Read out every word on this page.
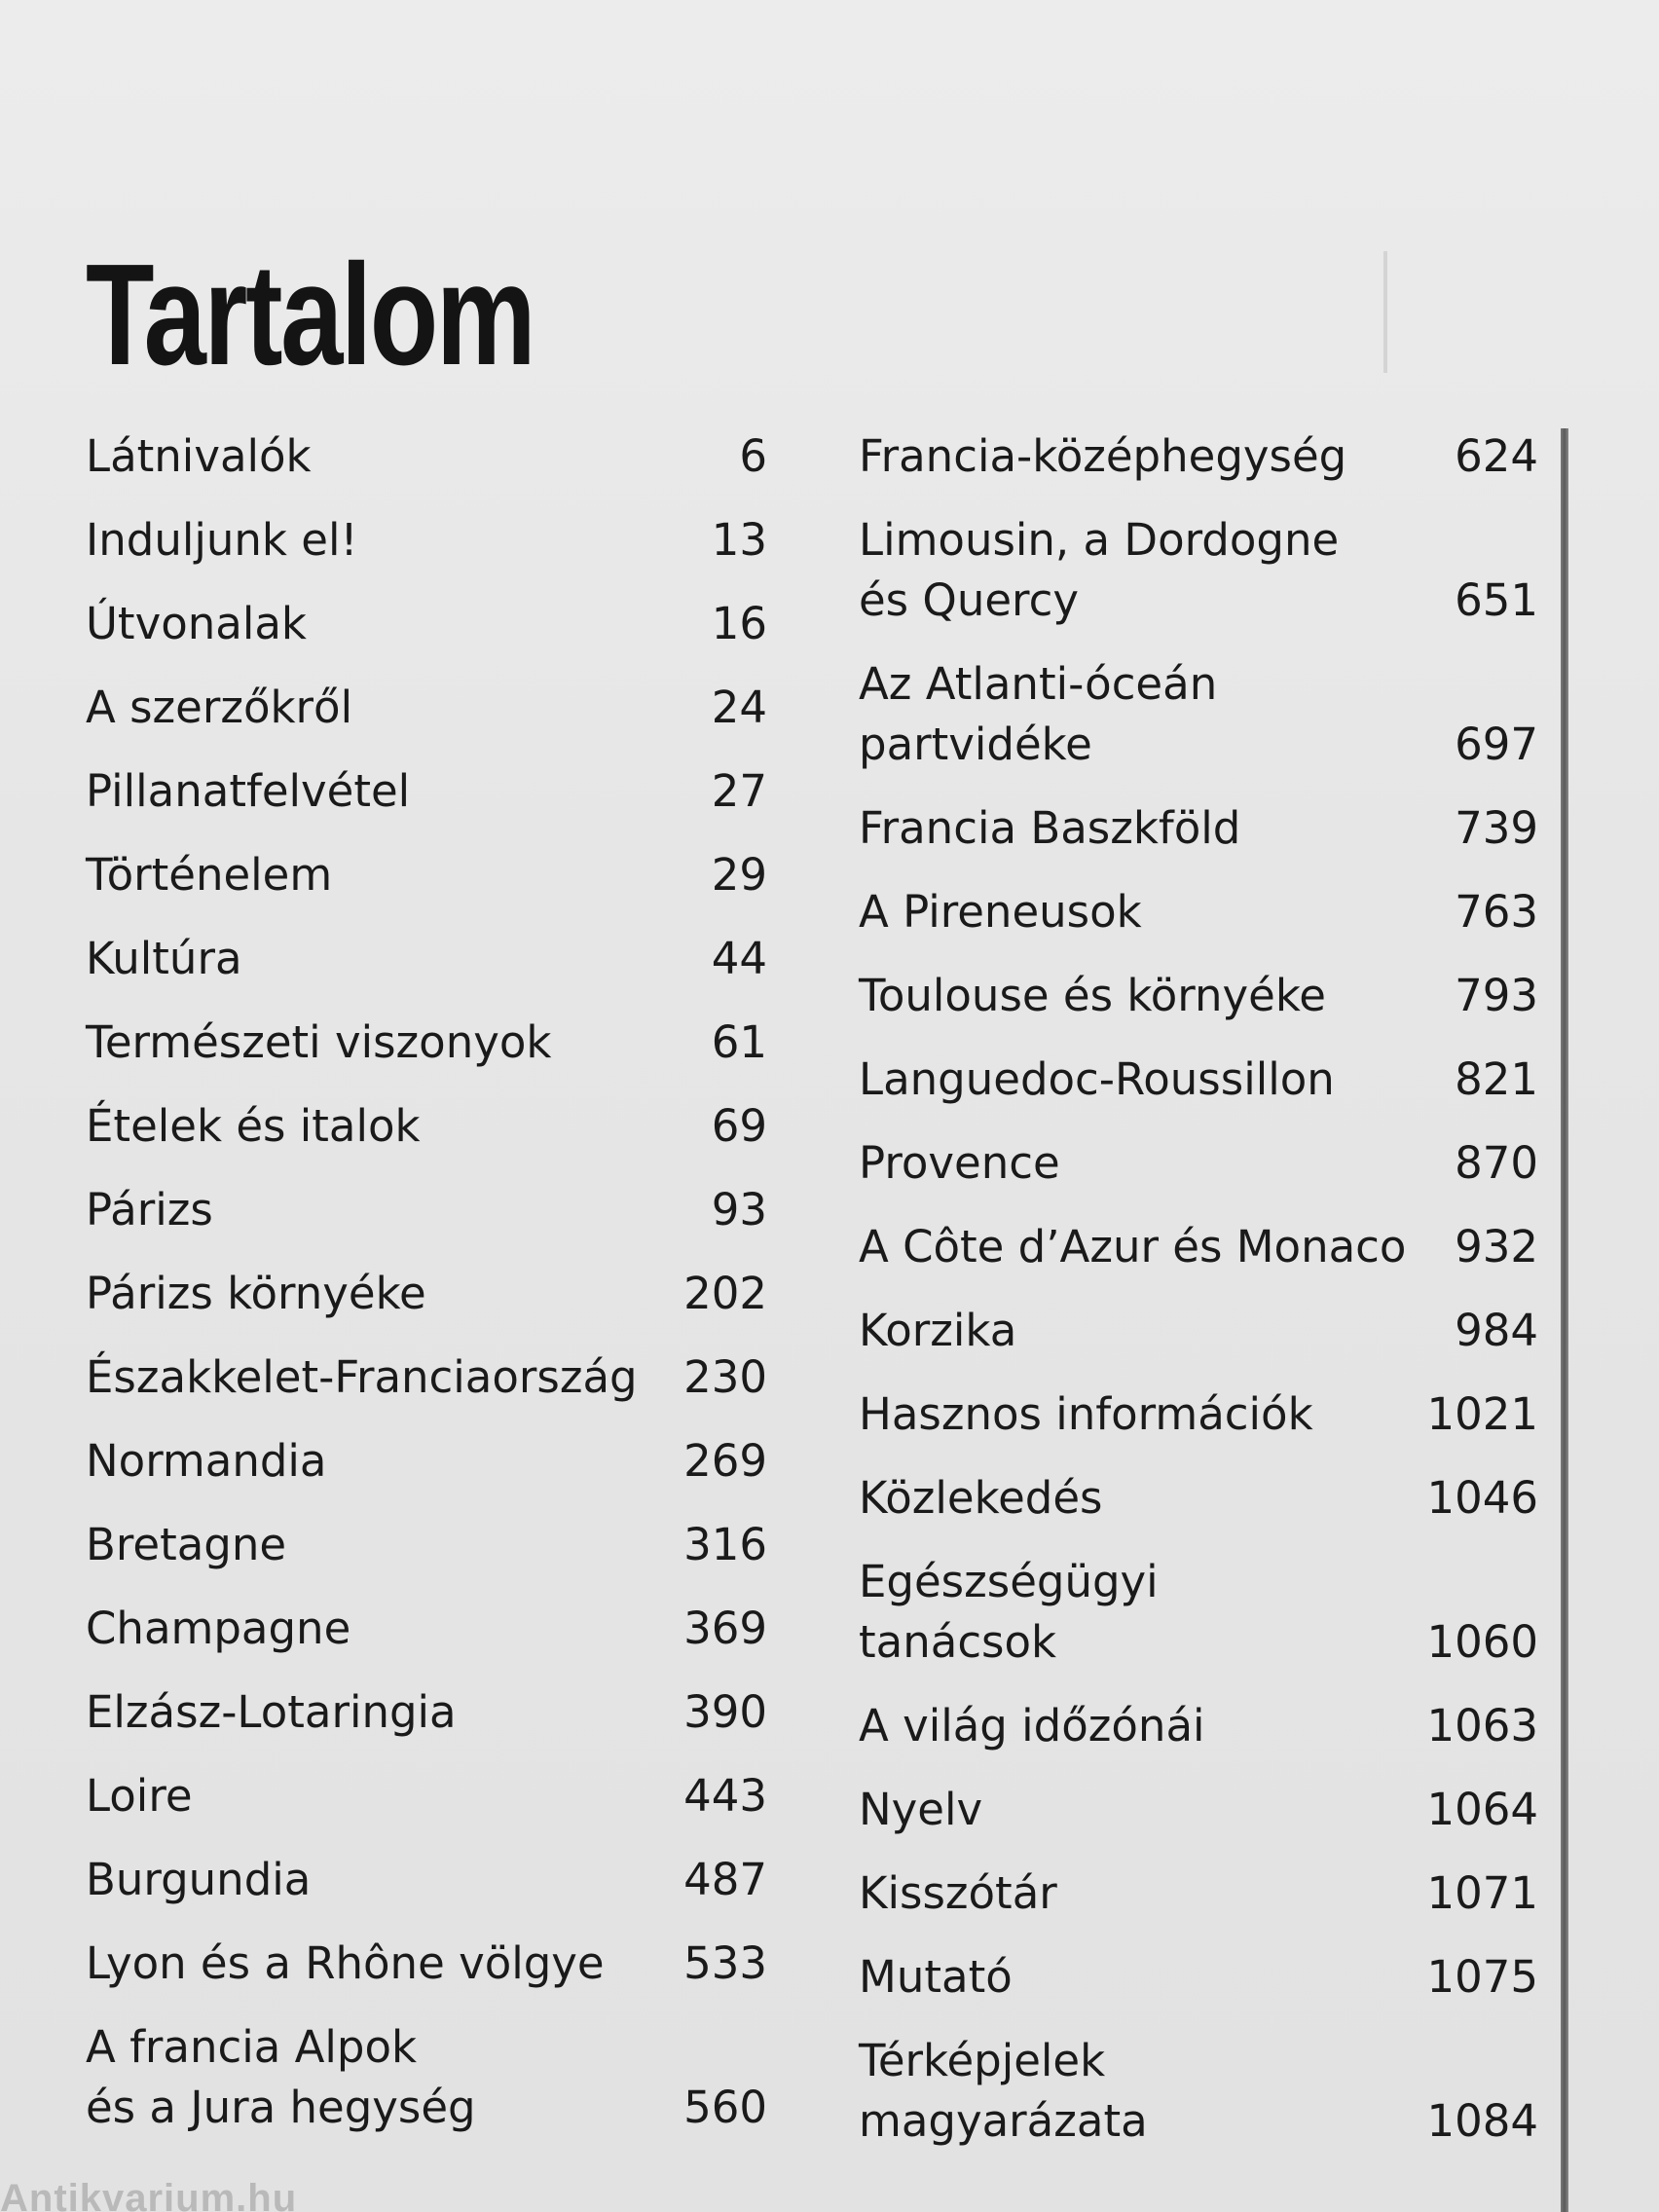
Tartalom
Látnivalók	6
Induljunk el!	13
Útvonalak	16
A szerzőkről	24
Pillanatfelvétel	27
Történelem	29
Kultúra	44
Természeti viszonyok	61
Ételek és italok	69
Párizs	93
Párizs környéke	202
Északkelet-Franciaország	230
Normandia	269
Bretagne	316
Champagne	369
Elzász-Lotaringia	390
Loire	443
Burgundia	487
Lyon és a Rhône völgye	533
A francia Alpok
és a Jura hegység	560
Francia-középhegység	624
Limousin, a Dordogne
és Quercy	651
Az Atlanti-óceán
partvidéke	697
Francia Baszkföld	739
A Pireneusok	763
Toulouse és környéke	793
Languedoc-Roussillon	821
Provence	870
A Côte d’Azur és Monaco	932
Korzika	984
Hasznos információk	1021
Közlekedés	1046
Egészségügyi
tanácsok	1060
A világ időzónái	1063
Nyelv	1064
Kisszótár	1071
Mutató	1075
Térképjelek
magyarázata	1084
Antikvarium.hu
